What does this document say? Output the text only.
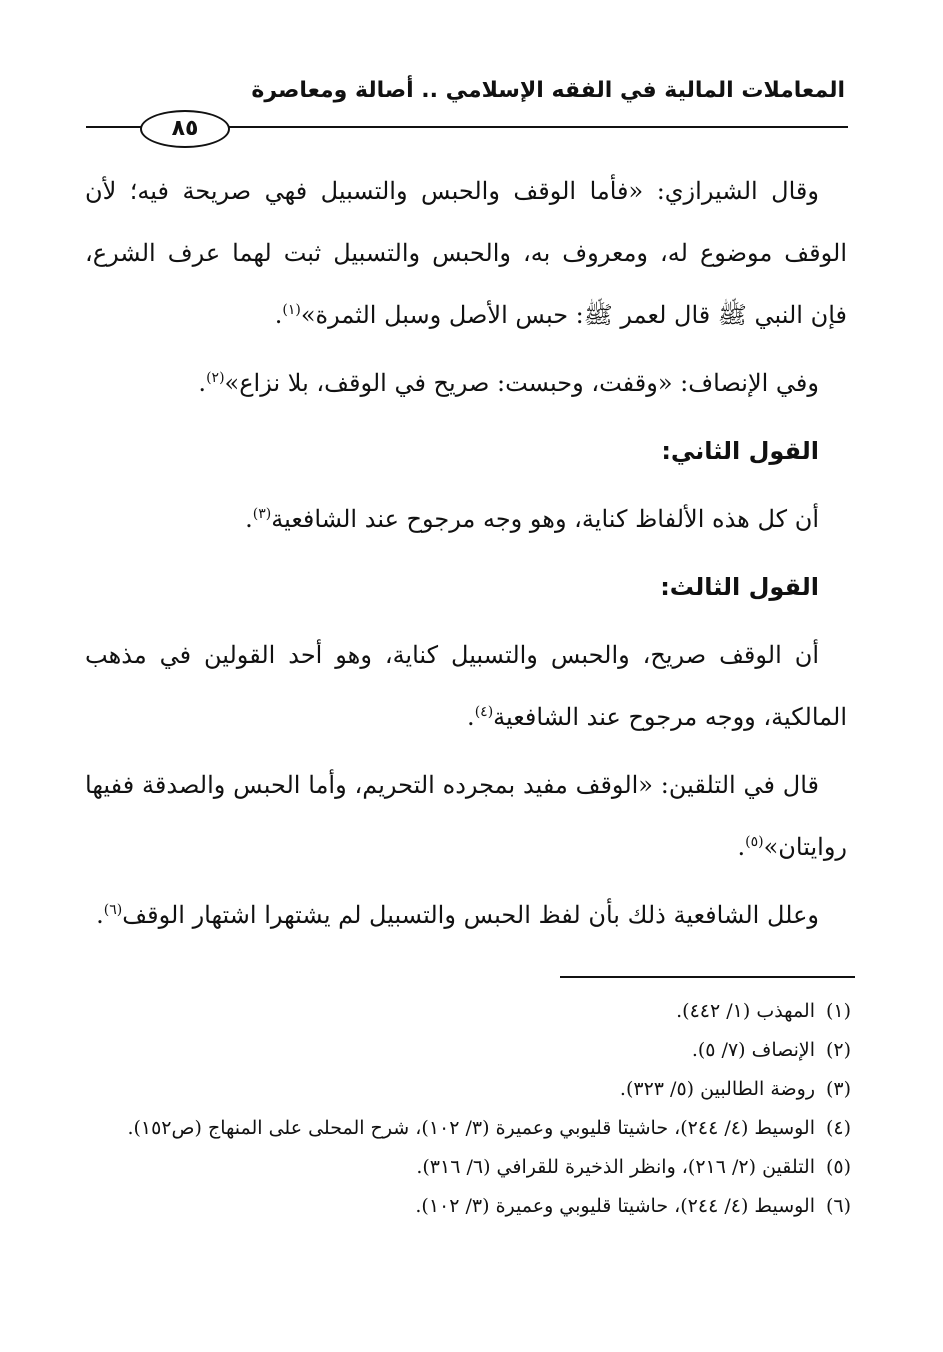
المعاملات المالية في الفقه الإسلامي .. أصالة ومعاصرة
٨٥

وقال الشيرازي: «فأما الوقف والحبس والتسبيل فهي صريحة فيه؛ لأن الوقف موضوع له، ومعروف به، والحبس والتسبيل ثبت لهما عرف الشرع، فإن النبي ﷺ قال لعمر ﷺ: حبس الأصل وسبل الثمرة»$^{(١)}$.

وفي الإنصاف: «وقفت، وحبست: صريح في الوقف، بلا نزاع»$^{(٢)}$.

القول الثاني:

أن كل هذه الألفاظ كناية، وهو وجه مرجوح عند الشافعية$^{(٣)}$.

القول الثالث:

أن الوقف صريح، والحبس والتسبيل كناية، وهو أحد القولين في مذهب المالكية، ووجه مرجوح عند الشافعية$^{(٤)}$.

قال في التلقين: «الوقف مفيد بمجرده التحريم، وأما الحبس والصدقة ففيها روايتان»$^{(٥)}$.

وعلل الشافعية ذلك بأن لفظ الحبس والتسبيل لم يشتهرا اشتهار الوقف$^{(٦)}$.

(١)
المهذب (١/ ٤٤٢).
(٢)
الإنصاف (٧/ ٥).
(٣)
روضة الطالبين (٥/ ٣٢٣).
(٤)
الوسيط (٤/ ٢٤٤)، حاشيتا قليوبي وعميرة (٣/ ١٠٢)، شرح المحلى على المنهاج (ص١٥٢).
(٥)
التلقين (٢/ ٢١٦)، وانظر الذخيرة للقرافي (٦/ ٣١٦).
(٦)
الوسيط (٤/ ٢٤٤)، حاشيتا قليوبي وعميرة (٣/ ١٠٢).
